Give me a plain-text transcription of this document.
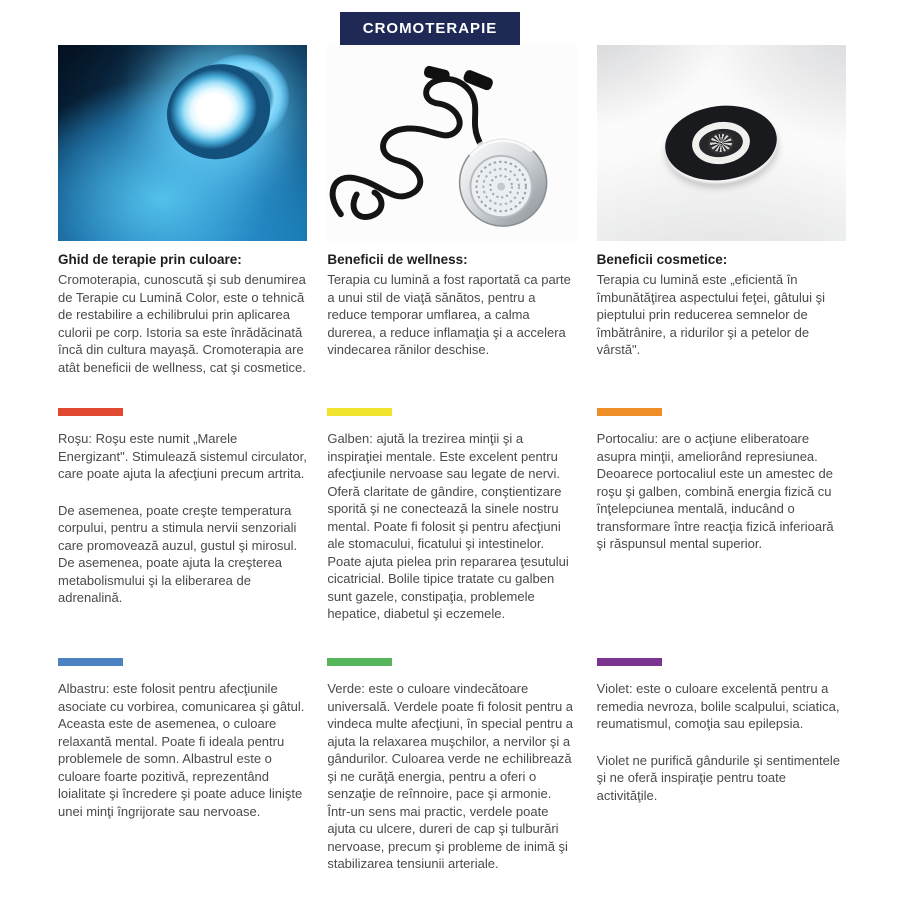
CROMOTERAPIE
Ghid de terapie prin culoare:

Cromoterapia, cunoscută şi sub denumirea de Terapie cu Lumină Color, este o tehnică de restabilire a echilibrului prin aplicarea culorii pe corp. Istoria sa este înrădăcinată încă din cultura mayaşă. Cromoterapia are atât beneficii de wellness, cat şi cosmetice.

Roşu: Roşu este numit „Marele Energizant". Stimulează sistemul circulator, care poate ajuta la afecţiuni precum artrita.

De asemenea, poate creşte temperatura corpului, pentru a stimula nervii senzoriali care promovează auzul, gustul şi mirosul. De asemenea, poate ajuta la creşterea metabolismului şi la eliberarea de adrenalină.

Albastru: este folosit pentru afecţiunile asociate cu vorbirea, comunicarea şi gâtul. Aceasta este de asemenea, o culoare relaxantă mental. Poate fi ideala pentru problemele de somn. Albastrul este o culoare foarte pozitivă, reprezentând loialitate şi încredere şi poate aduce linişte unei minţi îngrijorate sau nervoase.

Beneficii de wellness:

Terapia cu lumină a fost raportată ca parte a unui stil de viaţă sănătos, pentru a reduce temporar umflarea, a calma durerea, a reduce inflamaţia şi a accelera vindecarea rănilor deschise.

Galben: ajută la trezirea minţii şi a inspiraţiei mentale. Este excelent pentru afecţiunile nervoase sau legate de nervi. Oferă claritate de gândire, conştientizare sporită şi ne conectează la sinele nostru mental. Poate fi folosit şi pentru afecţiuni ale stomacului, ficatului şi intestinelor. Poate ajuta pielea prin repararea ţesutului cicatricial. Bolile tipice tratate cu galben sunt gazele, constipaţia, problemele hepatice, diabetul şi eczemele.

Verde: este o culoare vindecătoare universală. Verdele poate fi folosit pentru a vindeca multe afecţiuni, în special pentru a ajuta la relaxarea muşchilor, a nervilor şi a gândurilor. Culoarea verde ne echilibrează şi ne curăţă energia, pentru a oferi o senzaţie de reînnoire, pace şi armonie. Într-un sens mai practic, verdele poate ajuta cu ulcere, dureri de cap şi tulburări nervoase, precum şi probleme de inimă şi stabilizarea tensiunii arteriale.

Beneficii cosmetice:

Terapia cu lumină este „eficientă în îmbunătăţirea aspectului feţei, gâtului şi pieptului prin reducerea semnelor de îmbătrânire, a ridurilor şi a petelor de vârstă".

Portocaliu: are o acţiune eliberatoare asupra minţii, ameliorând represiunea. Deoarece portocaliul este un amestec de roşu şi galben, combină energia fizică cu înţelepciunea mentală, inducând o transformare între reacţia fizică inferioară şi răspunsul mental superior.

Violet: este o culoare excelentă pentru a remedia nevroza, bolile scalpului, sciatica, reumatismul, comoţia sau epilepsia.

Violet ne purifică gândurile şi sentimentele şi ne oferă inspiraţie pentru toate activităţile.
